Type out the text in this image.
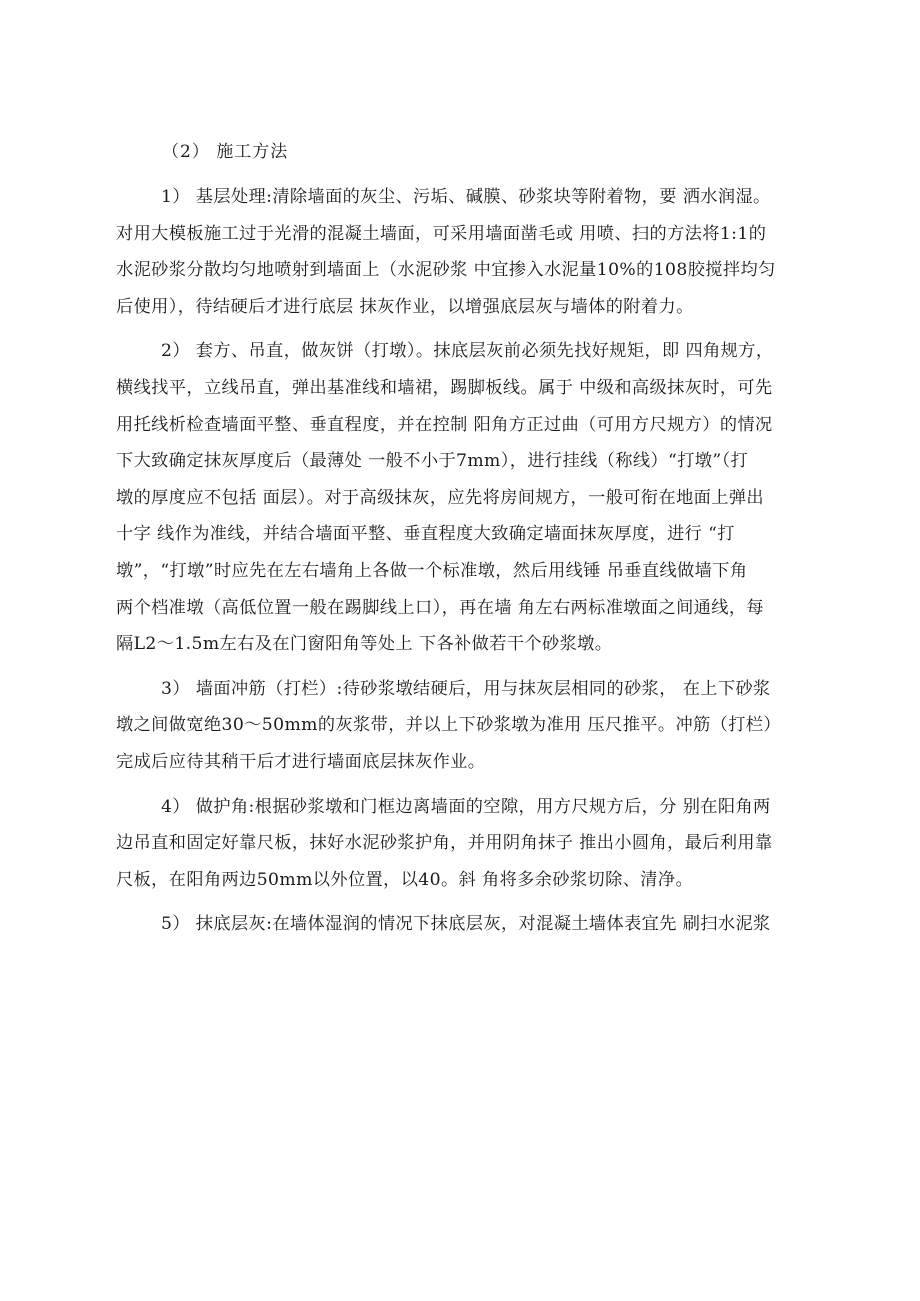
（2） 施工方法
1） 基层处理:清除墙面的灰尘、污垢、碱膜、砂浆块等附着物，要 洒水润湿。
对用大模板施工过于光滑的混凝土墙面，可采用墙面凿毛或 用喷、扫的方法将1:1的
水泥砂浆分散均匀地喷射到墙面上（水泥砂浆 中宜掺入水泥量10%的108胶搅拌均匀
后使用），待结硬后才进行底层 抹灰作业，以增强底层灰与墙体的附着力。
2） 套方、吊直，做灰饼（打墩）。抹底层灰前必须先找好规矩，即 四角规方，
横线找平，立线吊直，弹出基准线和墙裙，踢脚板线。属于 中级和高级抹灰时，可先
用托线析检查墙面平整、垂直程度，并在控制 阳角方正过曲（可用方尺规方）的情况
下大致确定抹灰厚度后（最薄处 一般不小于7mm），进行挂线（称线）“打墩”（打
墩的厚度应不包括 面层）。对于高级抹灰，应先将房间规方，一般可衔在地面上弹出
十字 线作为准线，并结合墙面平整、垂直程度大致确定墙面抹灰厚度，进行 “打
墩”，“打墩”时应先在左右墙角上各做一个标准墩，然后用线锤 吊垂直线做墙下角
两个档准墩（高低位置一般在踢脚线上口），再在墙 角左右两标准墩面之间通线，每
隔L2～1.5m左右及在门窗阳角等处上 下各补做若干个砂浆墩。
3） 墙面冲筋（打栏）:待砂浆墩结硬后，用与抹灰层相同的砂浆， 在上下砂浆
墩之间做宽绝30～50mm的灰浆带，并以上下砂浆墩为准用 压尺推平。冲筋（打栏）
完成后应待其稍干后才进行墙面底层抹灰作业。
4） 做护角:根据砂浆墩和门框边离墙面的空隙，用方尺规方后，分 别在阳角两
边吊直和固定好靠尺板，抹好水泥砂浆护角，并用阴角抹子 推出小圆角，最后利用靠
尺板，在阳角两边50mm以外位置，以40。斜 角将多余砂浆切除、清净。
5） 抹底层灰:在墙体湿润的情况下抹底层灰，对混凝土墙体表宜先 刷扫水泥浆
